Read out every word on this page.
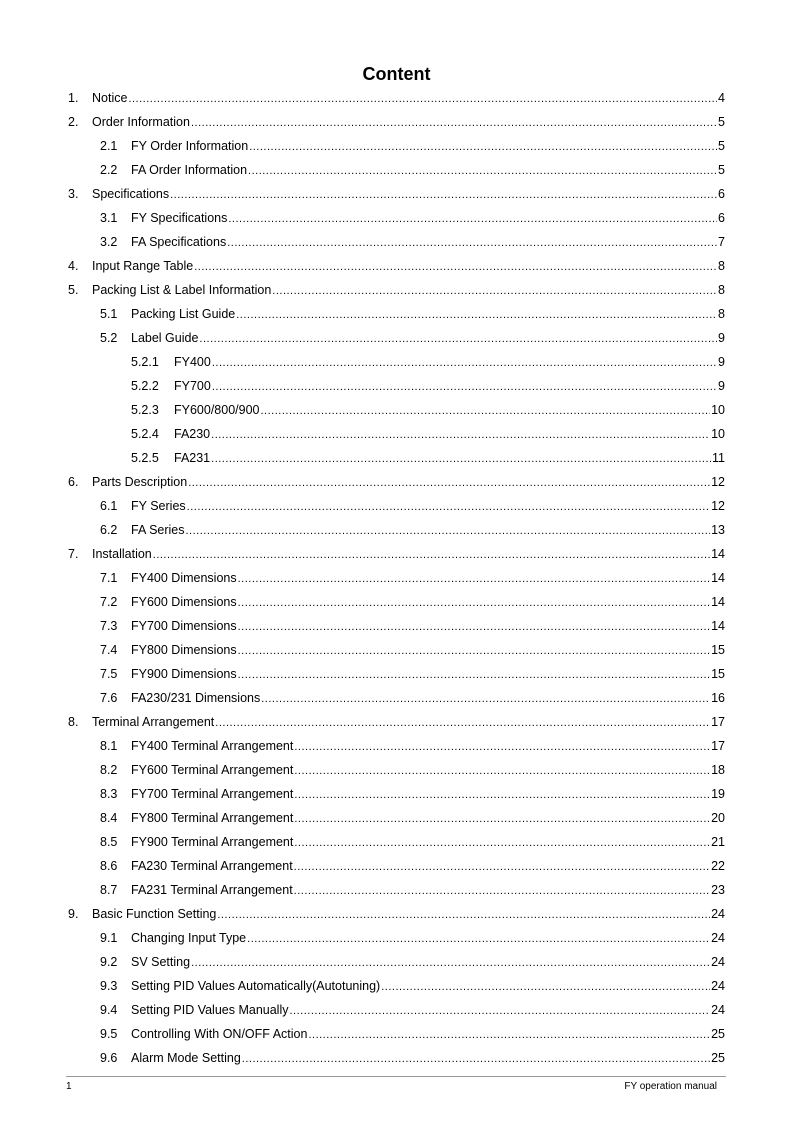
Content
1.	Notice .....	4
2.	Order Information .....	5
2.1	FY Order Information .....	5
2.2	FA Order Information .....	5
3.	Specifications .....	6
3.1	FY Specifications .....	6
3.2	FA Specifications .....	7
4.	Input Range Table .....	8
5.	Packing List & Label Information .....	8
5.1	Packing List Guide .....	8
5.2	Label Guide .....	9
5.2.1	FY400 .....	9
5.2.2	FY700 .....	9
5.2.3	FY600/800/900 .....	10
5.2.4	FA230 .....	10
5.2.5	FA231 .....	11
6.	Parts Description .....	12
6.1	FY Series .....	12
6.2	FA Series .....	13
7.	Installation .....	14
7.1	FY400 Dimensions .....	14
7.2	FY600 Dimensions .....	14
7.3	FY700 Dimensions .....	14
7.4	FY800 Dimensions .....	15
7.5	FY900 Dimensions .....	15
7.6	FA230/231 Dimensions .....	16
8.	Terminal Arrangement .....	17
8.1	FY400 Terminal Arrangement .....	17
8.2	FY600 Terminal Arrangement .....	18
8.3	FY700 Terminal Arrangement .....	19
8.4	FY800 Terminal Arrangement .....	20
8.5	FY900 Terminal Arrangement .....	21
8.6	FA230 Terminal Arrangement .....	22
8.7	FA231 Terminal Arrangement .....	23
9.	Basic Function Setting .....	24
9.1	Changing Input Type .....	24
9.2	SV Setting .....	24
9.3	Setting PID Values Automatically(Autotuning) .....	24
9.4	Setting PID Values Manually .....	24
9.5	Controlling With ON/OFF Action .....	25
9.6	Alarm Mode Setting .....	25
1	FY operation manual
